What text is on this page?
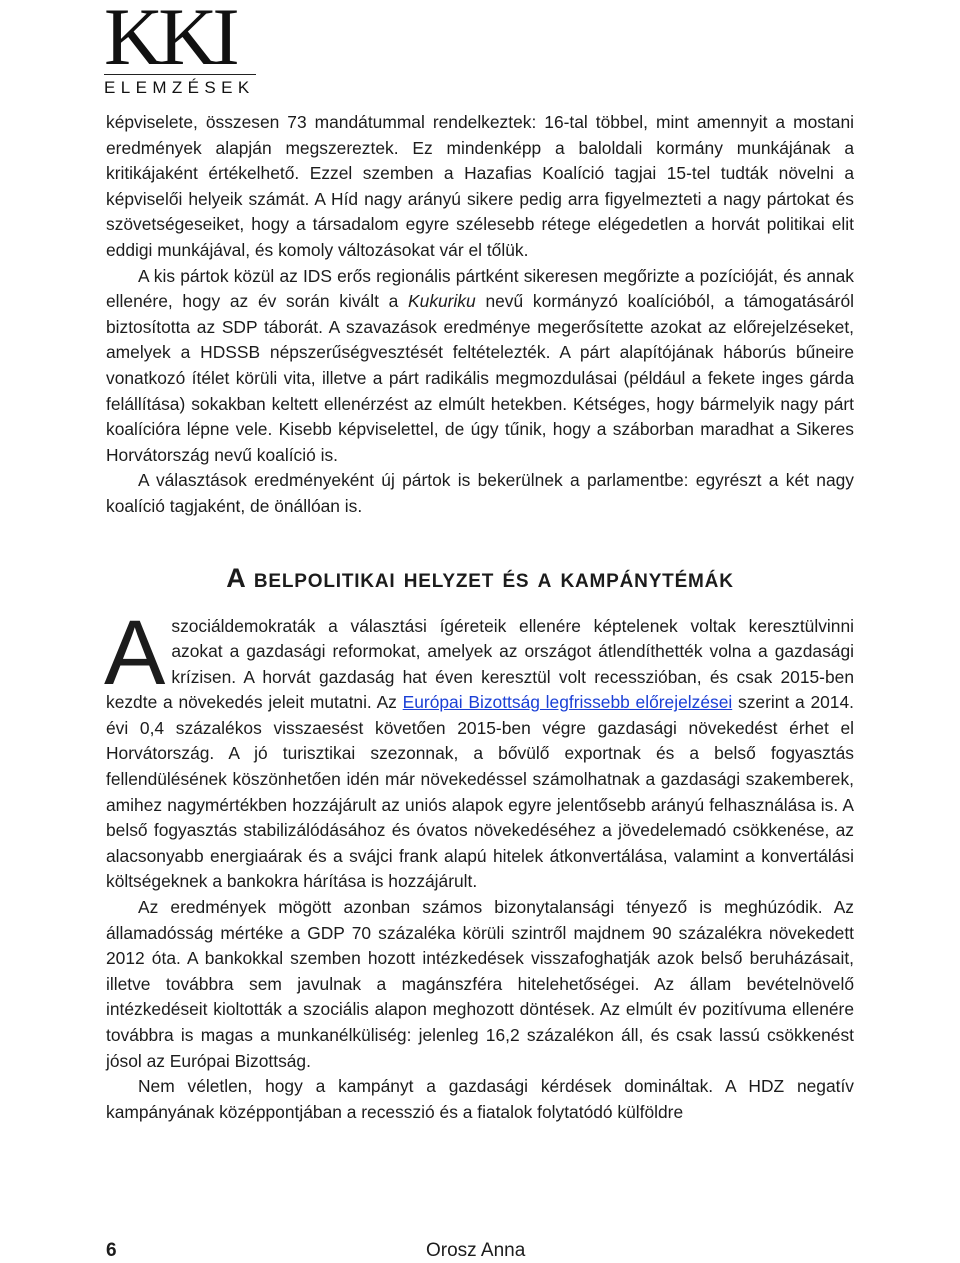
KKI
ELEMZÉSEK

képviselete, összesen 73 mandátummal rendelkeztek: 16-tal többel, mint amennyit a mostani eredmények alapján megszereztek. Ez mindenképp a baloldali kormány munkájának a kritikájaként értékelhető. Ezzel szemben a Hazafias Koalíció tagjai 15-tel tudták növelni a képviselői helyeik számát. A Híd nagy arányú sikere pedig arra figyelmezteti a nagy pártokat és szövetségeseiket, hogy a társadalom egyre szélesebb rétege elégedetlen a horvát politikai elit eddigi munkájával, és komoly változásokat vár el tőlük.

A kis pártok közül az IDS erős regionális pártként sikeresen megőrizte a pozícióját, és annak ellenére, hogy az év során kivált a Kukuriku nevű kormányzó koalícióból, a támogatásáról biztosította az SDP táborát. A szavazások eredménye megerősítette azokat az előrejelzéseket, amelyek a HDSSB népszerűségvesztését feltételezték. A párt alapítójának háborús bűneire vonatkozó ítélet körüli vita, illetve a párt radikális megmozdulásai (például a fekete inges gárda felállítása) sokakban keltett ellenérzést az elmúlt hetekben. Kétséges, hogy bármelyik nagy párt koalícióra lépne vele. Kisebb képviselettel, de úgy tűnik, hogy a száborban maradhat a Sikeres Horvátország nevű koalíció is.

A választások eredményeként új pártok is bekerülnek a parlamentbe: egyrészt a két nagy koalíció tagjaként, de önállóan is.

A belpolitikai helyzet és a kampánytémák

Aszociáldemokraták a választási ígéreteik ellenére képtelenek voltak keresztülvinni azokat a gazdasági reformokat, amelyek az országot átlendíthették volna a gazdasági krízisen. A horvát gazdaság hat éven keresztül volt recesszióban, és csak 2015-ben kezdte a növekedés jeleit mutatni. Az Európai Bizottság legfrissebb előrejelzései szerint a 2014. évi 0,4 százalékos visszaesést követően 2015-ben végre gazdasági növekedést érhet el Horvátország. A jó turisztikai szezonnak, a bővülő exportnak és a belső fogyasztás fellendülésének köszönhetően idén már növekedéssel számolhatnak a gazdasági szakemberek, amihez nagymértékben hozzájárult az uniós alapok egyre jelentősebb arányú felhasználása is. A belső fogyasztás stabilizálódásához és óvatos növekedéséhez a jövedelemadó csökkenése, az alacsonyabb energiaárak és a svájci frank alapú hitelek átkonvertálása, valamint a konvertálási költségeknek a bankokra hárítása is hozzájárult.

Az eredmények mögött azonban számos bizonytalansági tényező is meghúzódik. Az államadósság mértéke a GDP 70 százaléka körüli szintről majdnem 90 százalékra növekedett 2012 óta. A bankokkal szemben hozott intézkedések visszafoghatják azok belső beruházásait, illetve továbbra sem javulnak a magánszféra hitelehetőségei. Az állam bevételnövelő intézkedéseit kioltották a szociális alapon meghozott döntések. Az elmúlt év pozitívuma ellenére továbbra is magas a munkanélküliség: jelenleg 16,2 százalékon áll, és csak lassú csökkenést jósol az Európai Bizottság.

Nem véletlen, hogy a kampányt a gazdasági kérdések domináltak. A HDZ negatív kampányának középpontjában a recesszió és a fiatalok folytatódó külföldre

6	Orosz Anna
